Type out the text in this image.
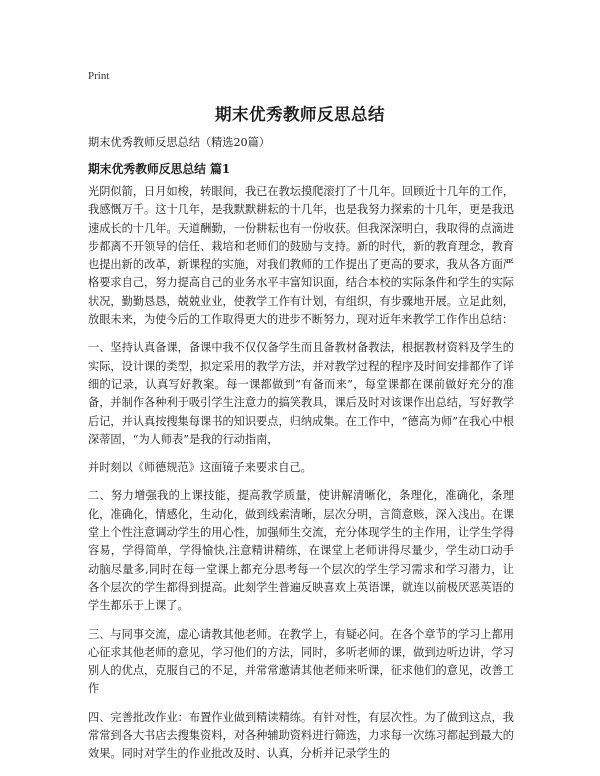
Print
期末优秀教师反思总结
期末优秀教师反思总结（精选20篇）
期末优秀教师反思总结 篇1

光阴似箭，日月如梭，转眼间，我已在教坛摸爬滚打了十几年。回顾近十几年的工作，我感慨万千。这十几年，是我默默耕耘的十几年，也是我努力探索的十几年，更是我迅速成长的十几年。天道酬勤，一份耕耘也有一份收获。但我深深明白，我取得的点滴进步都离不开领导的信任、栽培和老师们的鼓励与支持。新的时代，新的教育理念，教育也提出新的改革，新课程的实施，对我们教师的工作提出了更高的要求，我从各方面严格要求自己，努力提高自己的业务水平丰富知识面，结合本校的实际条件和学生的实际状况，勤勤恳恳，兢兢业业，使教学工作有计划，有组织，有步骤地开展。立足此刻，放眼未来，为使今后的工作取得更大的进步不断努力，现对近年来教学工作作出总结：

一、坚持认真备课，备课中我不仅仅备学生而且备教材备教法，根据教材资料及学生的实际，设计课的类型，拟定采用的教学方法，并对教学过程的程序及时间安排都作了详细的记录，认真写好教案。每一课都做到“有备而来”，每堂课都在课前做好充分的准备，并制作各种利于吸引学生注意力的搞笑教具，课后及时对该课作出总结，写好教学后记，并认真按搜集每课书的知识要点，归纳成集。在工作中，“德高为师”在我心中根深蒂固，“为人师表”是我的行动指南，

并时刻以《师德规范》这面镜子来要求自己。

二、努力增强我的上课技能，提高教学质量，使讲解清晰化，条理化，准确化，条理化，准确化，情感化，生动化，做到线索清晰，层次分明，言简意赅，深入浅出。在课堂上个性注意调动学生的用心性，加强师生交流，充分体现学生的主作用，让学生学得容易，学得简单，学得愉快,注意精讲精练，在课堂上老师讲得尽量少，学生动口动手动脑尽量多,同时在每一堂课上都充分思考每一个层次的学生学习需求和学习潜力，让各个层次的学生都得到提高。此刻学生普遍反映喜欢上英语课，就连以前极厌恶英语的学生都乐于上课了。

三、与同事交流，虚心请教其他老师。在教学上，有疑必问。在各个章节的学习上都用心征求其他老师的意见，学习他们的方法，同时，多听老师的课，做到边听边讲，学习别人的优点，克服自己的不足，并常常邀请其他老师来听课，征求他们的意见，改善工作

四、完善批改作业：布置作业做到精读精练。有针对性，有层次性。为了做到这点，我常常到各大书店去搜集资料，对各种辅助资料进行筛选，力求每一次练习都起到最大的效果。同时对学生的作业批改及时、认真，分析并记录学生的
